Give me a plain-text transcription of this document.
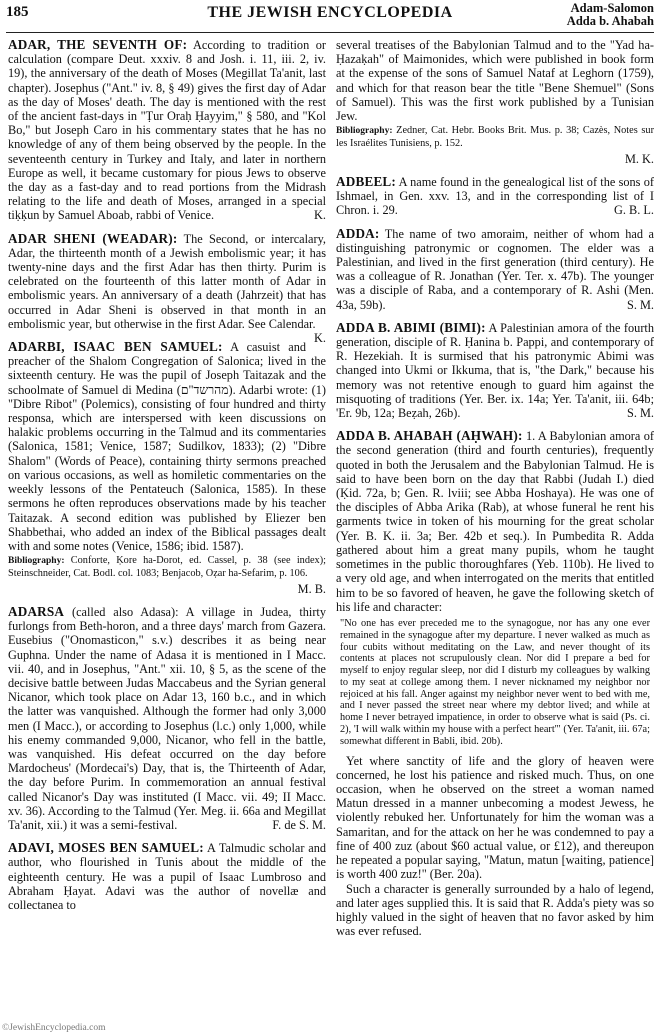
185	THE JEWISH ENCYCLOPEDIA	Adam-Salomon
Adda b. Ahabah
ADAR, THE SEVENTH OF: According to tradition or calculation (compare Deut. xxxiv. 8 and Josh. i. 11, iii. 2, iv. 19), the anniversary of the death of Moses (Megillat Ta'anit, last chapter). Josephus ("Ant." iv. 8, § 49) gives the first day of Adar as the day of Moses' death. The day is mentioned with the rest of the ancient fast-days in "Ṭur Oraḥ Ḥayyim," § 580, and "Kol Bo," but Joseph Caro in his commentary states that he has no knowledge of any of them being observed by the people. In the seventeenth century in Turkey and Italy, and later in northern Europe as well, it became customary for pious Jews to observe the day as a fast-day and to read portions from the Midrash relating to the life and death of Moses, arranged in a special tiḳḳun by Samuel Aboab, rabbi of Venice.	K.
ADAR SHENI (WEADAR): The Second, or intercalary, Adar, the thirteenth month of a Jewish embolismic year; it has twenty-nine days and the first Adar has then thirty. Purim is celebrated on the fourteenth of this latter month of Adar in embolismic years. An anniversary of a death (Jahrzeit) that has occurred in Adar Sheni is observed in that month in an embolismic year, but otherwise in the first Adar. See Calendar.
K.
ADARBI, ISAAC BEN SAMUEL: A casuist and preacher of the Shalom Congregation of Salonica; lived in the sixteenth century. He was the pupil of Joseph Taitazak and the schoolmate of Samuel di Medina (מהרשד"ם). Adarbi wrote: (1) "Dibre Ribot" (Polemics), consisting of four hundred and thirty responsa, which are interspersed with keen discussions on halakic problems occurring in the Talmud and its commentaries (Salonica, 1581; Venice, 1587; Sudilkov, 1833); (2) "Dibre Shalom" (Words of Peace), containing thirty sermons preached on various occasions, as well as homiletic commentaries on the weekly lessons of the Pentateuch (Salonica, 1585). In these sermons he often reproduces observations made by his teacher Taitazak. A second edition was published by Eliezer ben Shabbethai, who added an index of the Biblical passages dealt with and some notes (Venice, 1586; ibid. 1587).
Bibliography: Conforte, Ḳore ha-Dorot, ed. Cassel, p. 38 (see index); Steinschneider, Cat. Bodl. col. 1083; Benjacob, Oẓar ha-Sefarim, p. 106.
M. B.
ADARSA (called also Adasa): A village in Judea, thirty furlongs from Beth-horon, and a three days' march from Gazera. Eusebius ("Onomasticon," s.v.) describes it as being near Guphna. Under the name of Adasa it is mentioned in I Macc. vii. 40, and in Josephus, "Ant." xii. 10, § 5, as the scene of the decisive battle between Judas Maccabeus and the Syrian general Nicanor, which took place on Adar 13, 160 b.c., and in which the latter was vanquished. Although the former had only 3,000 men (I Macc.), or according to Josephus (l.c.) only 1,000, while his enemy commanded 9,000, Nicanor, who fell in the battle, was vanquished. His defeat occurred on the day before Mardocheus' (Mordecai's) Day, that is, the Thirteenth of Adar, the day before Purim. In commemoration an annual festival called Nicanor's Day was instituted (I Macc. vii. 49; II Macc. xv. 36). According to the Talmud (Yer. Meg. ii. 66a and Megillat Ta'anit, xii.) it was a semi-festival.	F. de S. M.
ADAVI, MOSES BEN SAMUEL: A Talmudic scholar and author, who flourished in Tunis about the middle of the eighteenth century. He was a pupil of Isaac Lumbroso and Abraham Ḥayat. Adavi was the author of novellæ and collectanea to
several treatises of the Babylonian Talmud and to the "Yad ha-Ḥazaḳah" of Maimonides, which were published in book form at the expense of the sons of Samuel Nataf at Leghorn (1759), and which for that reason bear the title "Bene Shemuel" (Sons of Samuel). This was the first work published by a Tunisian Jew.
Bibliography: Zedner, Cat. Hebr. Books Brit. Mus. p. 38; Cazès, Notes sur les Israélites Tunisiens, p. 152.
M. K.
ADBEEL: A name found in the genealogical list of the sons of Ishmael, in Gen. xxv. 13, and in the corresponding list of I Chron. i. 29.	G. B. L.
ADDA: The name of two amoraim, neither of whom had a distinguishing patronymic or cognomen. The elder was a Palestinian, and lived in the first generation (third century). He was a colleague of R. Jonathan (Yer. Ter. x. 47b). The younger was a disciple of Raba, and a contemporary of R. Ashi (Men. 43a, 59b).	S. M.
ADDA B. ABIMI (BIMI): A Palestinian amora of the fourth generation, disciple of R. Ḥanina b. Pappi, and contemporary of R. Hezekiah. It is surmised that his patronymic Abimi was changed into Ukmi or Ikkuma, that is, "the Dark," because his memory was not retentive enough to guard him against the misquoting of traditions (Yer. Ber. ix. 14a; Yer. Ta'anit, iii. 64b; 'Er. 9b, 12a; Beẓah, 26b).	S. M.
ADDA B. AHABAH (AḤWAH): 1. A Babylonian amora of the second generation (third and fourth centuries), frequently quoted in both the Jerusalem and the Babylonian Talmud. He is said to have been born on the day that Rabbi (Judah I.) died (Ḳid. 72a, b; Gen. R. lviii; see Abba Hoshaya). He was one of the disciples of Abba Arika (Rab), at whose funeral he rent his garments twice in token of his mourning for the great scholar (Yer. B. K. ii. 3a; Ber. 42b et seq.). In Pumbedita R. Adda gathered about him a great many pupils, whom he taught sometimes in the public thoroughfares (Yeb. 110b). He lived to a very old age, and when interrogated on the merits that entitled him to be so favored of heaven, he gave the following sketch of his life and character:
"No one has ever preceded me to the synagogue, nor has any one ever remained in the synagogue after my departure. I never walked as much as four cubits without meditating on the Law, and never thought of its contents at places not scrupulously clean. Nor did I prepare a bed for myself to enjoy regular sleep, nor did I disturb my colleagues by walking to my seat at college among them. I never nicknamed my neighbor nor rejoiced at his fall. Anger against my neighbor never went to bed with me, and I never passed the street near where my debtor lived; and while at home I never betrayed impatience, in order to observe what is said (Ps. ci. 2), 'I will walk within my house with a perfect heart'" (Yer. Ta'anit, iii. 67a; somewhat different in Babli, ibid. 20b).

Yet where sanctity of life and the glory of heaven were concerned, he lost his patience and risked much. Thus, on one occasion, when he observed on the street a woman named Matun dressed in a manner unbecoming a modest Jewess, he violently rebuked her. Unfortunately for him the woman was a Samaritan, and for the attack on her he was condemned to pay a fine of 400 zuz (about $60 actual value, or £12), and thereupon he repeated a popular saying, "Matun, matun [waiting, patience] is worth 400 zuz!" (Ber. 20a).

Such a character is generally surrounded by a halo of legend, and later ages supplied this. It is said that R. Adda's piety was so highly valued in the sight of heaven that no favor asked by him was ever refused.

©JewishEncyclopedia.com
